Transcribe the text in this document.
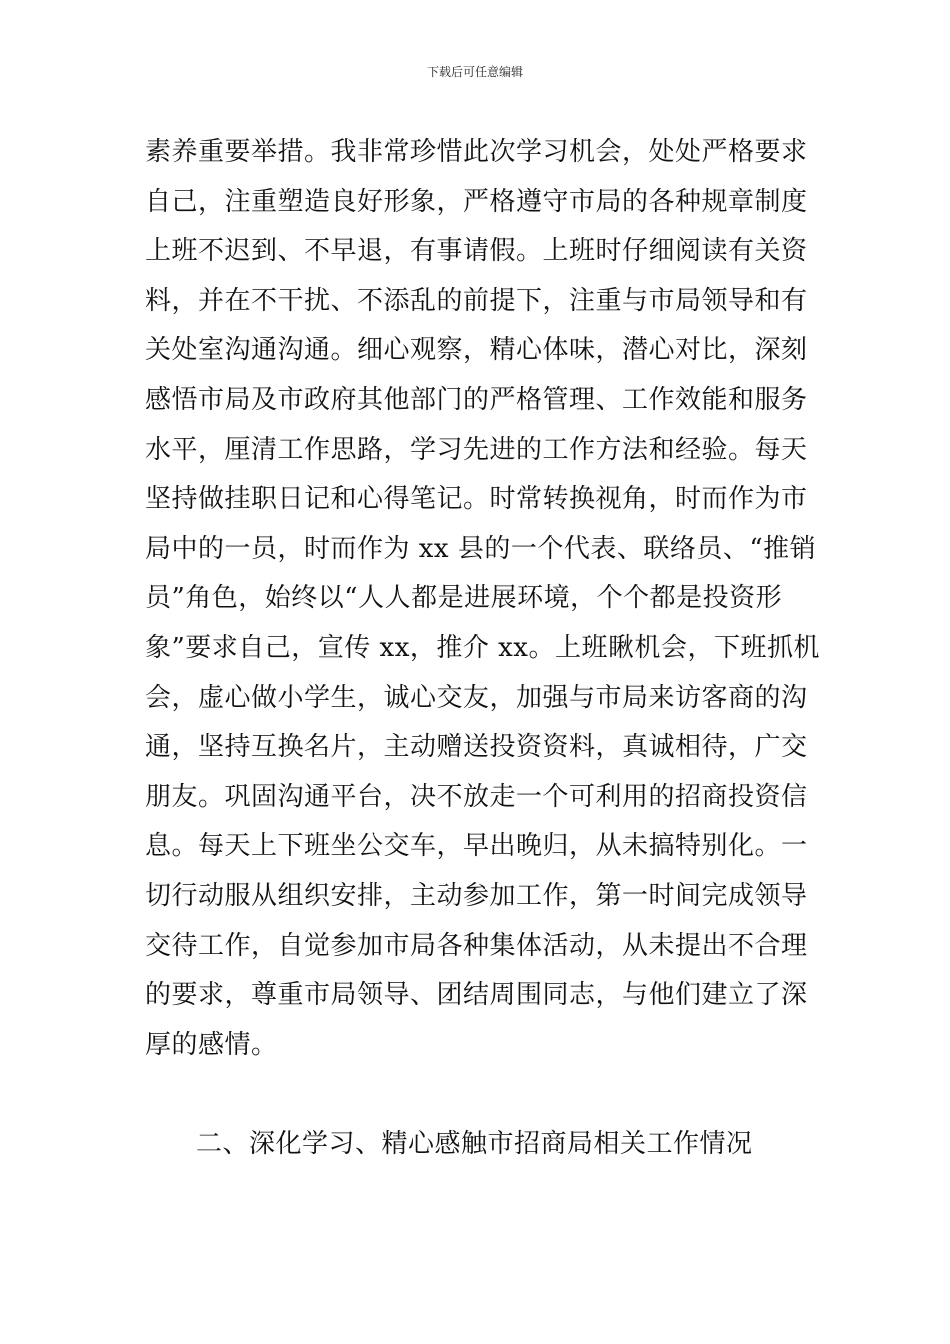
下载后可任意编辑
素养重要举措。我非常珍惜此次学习机会，处处严格要求
自己，注重塑造良好形象，严格遵守市局的各种规章制度
上班不迟到、不早退，有事请假。上班时仔细阅读有关资
料，并在不干扰、不添乱的前提下，注重与市局领导和有
关处室沟通沟通。细心观察，精心体味，潜心对比，深刻
感悟市局及市政府其他部门的严格管理、工作效能和服务
水平，厘清工作思路，学习先进的工作方法和经验。每天
坚持做挂职日记和心得笔记。时常转换视角，时而作为市
局中的一员，时而作为 xx 县的一个代表、联络员、“推销
员”角色，始终以“人人都是进展环境，个个都是投资形
象”要求自己，宣传 xx，推介 xx。上班瞅机会，下班抓机
会，虚心做小学生，诚心交友，加强与市局来访客商的沟
通，坚持互换名片，主动赠送投资资料，真诚相待，广交
朋友。巩固沟通平台，决不放走一个可利用的招商投资信
息。每天上下班坐公交车，早出晚归，从未搞特别化。一
切行动服从组织安排，主动参加工作，第一时间完成领导
交待工作，自觉参加市局各种集体活动，从未提出不合理
的要求，尊重市局领导、团结周围同志，与他们建立了深
厚的感情。
二、深化学习、精心感触市招商局相关工作情况
